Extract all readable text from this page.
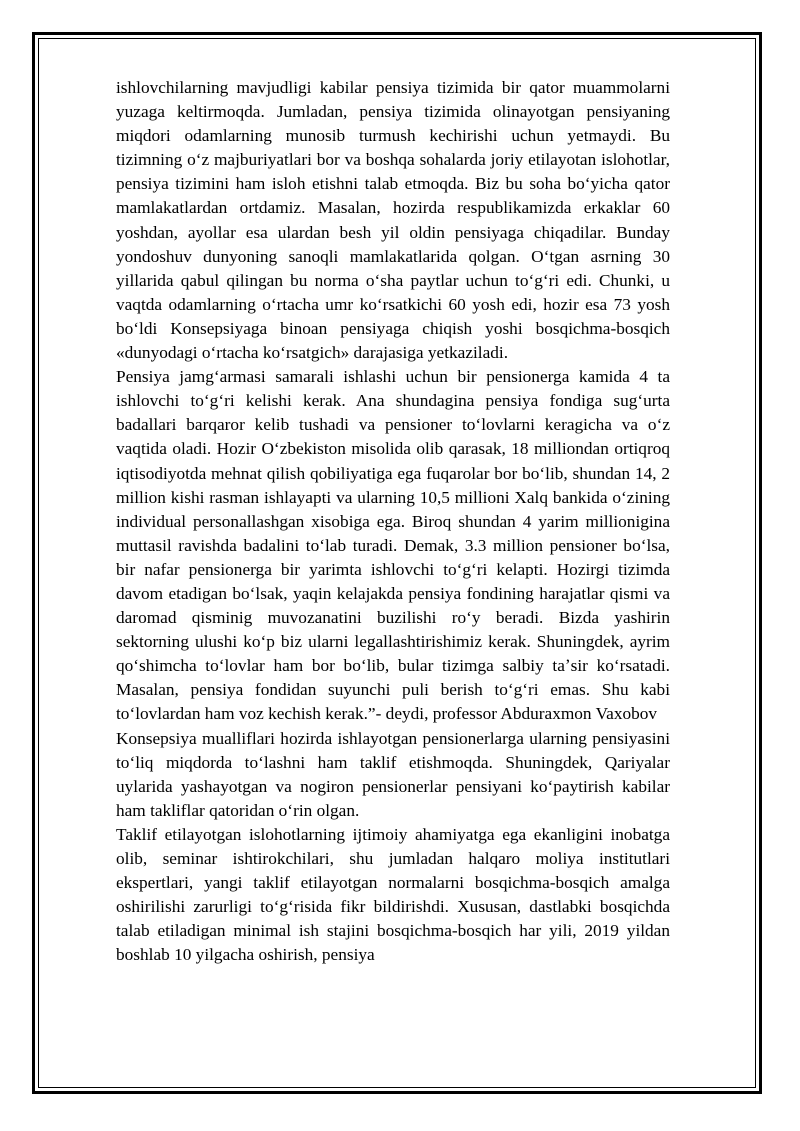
ishlovchilarning mavjudligi kabilar pensiya tizimida bir qator muammolarni yuzaga keltirmoqda. Jumladan, pensiya tizimida olinayotgan pensiyaning miqdori odamlarning munosib turmush kechirishi uchun yetmaydi. Bu tizimning oʻz majburiyatlari bor va boshqa sohalarda joriy etilayotan islohotlar, pensiya tizimini ham isloh etishni talab etmoqda. Biz bu soha boʻyicha qator mamlakatlardan ortdamiz. Masalan, hozirda respublikamizda erkaklar 60 yoshdan, ayollar esa ulardan besh yil oldin pensiyaga chiqadilar. Bunday yondoshuv dunyoning sanoqli mamlakatlarida qolgan. Oʻtgan asrning 30 yillarida qabul qilingan bu norma oʻsha paytlar uchun toʻgʻri edi. Chunki, u vaqtda odamlarning oʻrtacha umr koʻrsatkichi 60 yosh edi, hozir esa 73 yosh boʻldi Konsepsiyaga binoan pensiyaga chiqish yoshi bosqichma-bosqich «dunyodagi oʻrtacha koʻrsatgich» darajasiga yetkaziladi.

Pensiya jamgʻarmasi samarali ishlashi uchun bir pensionerga kamida 4 ta ishlovchi toʻgʻri kelishi kerak. Ana shundagina pensiya fondiga sugʻurta badallari barqaror kelib tushadi va pensioner toʻlovlarni keragicha va oʻz vaqtida oladi. Hozir Oʻzbekiston misolida olib qarasak, 18 milliondan ortiqroq iqtisodiyotda mehnat qilish qobiliyatiga ega fuqarolar bor boʻlib, shundan 14, 2 million kishi rasman ishlayapti va ularning 10,5 millioni Xalq bankida oʻzining individual personallashgan xisobiga ega. Biroq shundan 4 yarim millionigina muttasil ravishda badalini toʻlab turadi. Demak, 3.3 million pensioner boʻlsa, bir nafar pensionerga bir yarimta ishlovchi toʻgʻri kelapti. Hozirgi tizimda davom etadigan boʻlsak, yaqin kelajakda pensiya fondining harajatlar qismi va daromad qisminig muvozanatini buzilishi roʻy beradi. Bizda yashirin sektorning ulushi koʻp biz ularni legallashtirishimiz kerak. Shuningdek, ayrim qoʻshimcha toʻlovlar ham bor boʻlib, bular tizimga salbiy taʼsir koʻrsatadi. Masalan, pensiya fondidan suyunchi puli berish toʻgʻri emas. Shu kabi toʻlovlardan ham voz kechish kerak.”- deydi, professor Abduraxmon Vaxobov

Konsepsiya mualliflari hozirda ishlayotgan pensionerlarga ularning pensiyasini toʻliq miqdorda toʻlashni ham taklif etishmoqda. Shuningdek, Qariyalar uylarida yashayotgan va nogiron pensionerlar pensiyani koʻpaytirish kabilar ham takliflar qatoridan oʻrin olgan.

Taklif etilayotgan islohotlarning ijtimoiy ahamiyatga ega ekanligini inobatga olib, seminar ishtirokchilari, shu jumladan halqaro moliya institutlari ekspertlari, yangi taklif etilayotgan normalarni bosqichma-bosqich amalga oshirilishi zarurligi toʻgʻrisida fikr bildirishdi. Xususan, dastlabki bosqichda talab etiladigan minimal ish stajini bosqichma-bosqich har yili, 2019 yildan boshlab 10 yilgacha oshirish, pensiya
